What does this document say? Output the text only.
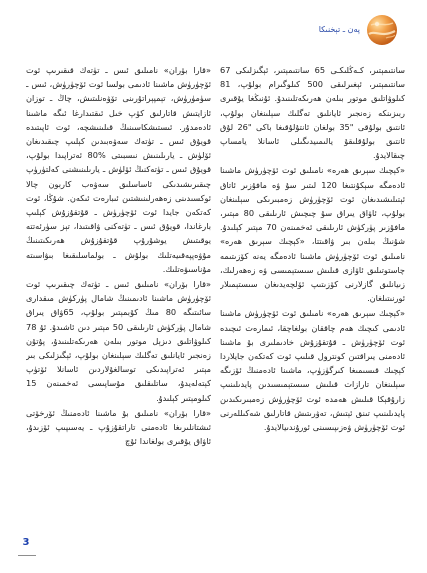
پەن ـ تېخنىكا

سانتىمېتىر، كـەڭلىكـى 65 سانتىمېتىر، ئېگىزلىكى 67 سانتىمېتىر، ئېغىرلىقى 500 كىلوگىرام بولۇپ، 81 كىلوۋاتلىق موتور بىلەن ھەرىكەتلىنىدۇ. ئۇنىڭغا يۇقىرى ربىزىنكە زەنجىر ئايانلىق تەگلىك سېلىنغان بولۇپ، ئانتىق بولۇقى "35 بولغان ئانتۇلۇقىغا باكى "26 لۇق ئانتىق بولۇقلىقۇ يالىمىيدىگىلى ئاسانلا يامساپ چىقالايدۇ.

«كېچىك سېرىق ھەرە» نامىلىق ئوت ئۆچۈرۈش ماشىنا ئادەمگە سېكۇنتىغا 120 لىتىر سۇ ۋە مافۇزىر ئاتاق ئېتىلىشىدىغان ئوت ئۆچۈرۈش زەمبىرىكى سېلىنغان بولۇپ، ئاۋاق يىراق سۇ چىچىش ئارىلىقى 80 مېتىر، مافۇزىر پۈركۈش ئارىلىقى ئەخمىنەن 70 مېتىر كېلىدۇ. شۇنىڭ بىلەن بىر ۋاقىتتا، «كېچىك سېرىق ھەرە» نامىلىق ئوت ئۆچۈرۈش ماشىنا ئادەمگە يەنە كۆزىتىمە چاستوتىلىق ئاۋازى قىلىش سىستېمىسى ۋە زەھەرلىك، زىيانلىق گازلارنى كۆزىتىپ ئۆلچەيدىغان سىستېمىلار ئورنىتىلغان.

«كېچىك سېرىق ھەرە» نامىلىق ئوت ئۆچۈرۈش ماشىنا ئادىمى كىچىك ھەم چاققان بولغاچقا، ئىمارەت ئىچىدە ئوت ئۆچۈرۈش ـ قۇتقۇزۇش خادىملىرى بۇ ماشىنا ئادەمنى يىراقتىن كونترول قىلىپ ئوت كەتكەن جايلاردا كېچىك قىسىمىغا كىرگۈزۈپ، ماشىنا ئادەمنىڭ ئۆزىگە سېلىنغان تارازات قىلىش سىستېمىسىدىن پايدىلىنىپ زارۇقېكا قىلىش ھەمدە ئوت ئۆچۈرۈش زەمبىرىكىدىن پايدىلىنىپ تىنق ئېتىش، تەۋرىتىش قاتارلىق شەكىللەرنى ئوت ئۆچۈرۈش ۋەزىپىسىنى ئورۇندىيالايدۇ.

«قارا بۆران» نامىلىق ئىس ـ تۈتەك قىقىرىپ ئوت ئۆچۈرۈش ماشىنا ئادىمى بولسا ئوت ئۆچۈرۈش، ئىس ـ سۈمۈرۈش، تېمپېراتۇرىنى تۆۋەنلىتىش، چاڭ ـ توزان ئازايتىش قاتارلىق كۆپ خىل ئىقتىدارغا ئىگە ماشىنا ئادەمدۇر. ئىستىشكاسىنىڭ قىلىنىشچە، ئوت ئاپىتىدە قويۇق ئىس ـ تۈتەك سەۋەبىدىن كېلىپ چىقىدىغان ئۆلۈش ـ يارىلىنىش نىسبىتى %80 ئەتراپىدا بولۇپ، قويۇق ئىس ـ تۈتەكنىڭ ئۆلۈش ـ يارىلىنىشنى كەلتۈرۈپ چىقىرىشىدىكى ئاساسلىق سەۋەب كاربون چالا ئوكسىدىنى زەھەرلىنىشتىن ئىبارەت ئىكەن. شۇڭا، ئوت كەتكەن جايدا ئوت ئۆچۈرۈش ـ قۇتقۇزۇش كېلىپ بارغاندا، قويۇق ئىس ـ تۈتەكنى ۋاقىتىدا، تېز سۈرئەتتە يوقىتىش يوشۇرۇپ قۇتقۇزۇش ھەرىكىتىنىڭ مۇۋەپپەقىيەتلىك بولۇش ـ بولماسلىقىغا بىۋاسىتە مۇناسىۋەتلىك.

«قارا بۆران» نامىلىق ئىس ـ تۈتەك چىقىرىپ ئوت ئۆچۈرۈش ماشىنا ئادىمىنىڭ شامال پۈركۈش مىقدارى سائىتىگە 80 مىڭ كۇبمېتىر بولۇپ، 65ۋاق يىراق شامال پۈركۈش ئارىلىقى 50 مېتىر دىن ئاشىدۇ. ئۇ 78 كىلوۋاتلىق دىزېل موتور بىلەن ھەرىكەتلىنىدۇ، پۇتۇن زەنجىر ئايانلىق تەگلىك سېلىنغان بولۇپ، ئېگىزلىكى بىر مېتىر ئەتراپىدىكى توسالغۇلاردىن ئاسانلا ئۆتۈپ كېتەلەيدۇ، ساتلىقلىق مۇساپىسى ئەخمىنەن 15 كىلومېتىر كېلىدۇ.

«قارا بۆران» نامىلىق بۇ ماشىنا ئادەمنىڭ ئۆرخۆتى ئىشتانلىرىغا ئادەمنى تاراتقۇزۇپ ـ يەسىپىپ ئۆزىدۇ، ئاۋاق يۇقىرى بولغاندا ئۇچ

3
